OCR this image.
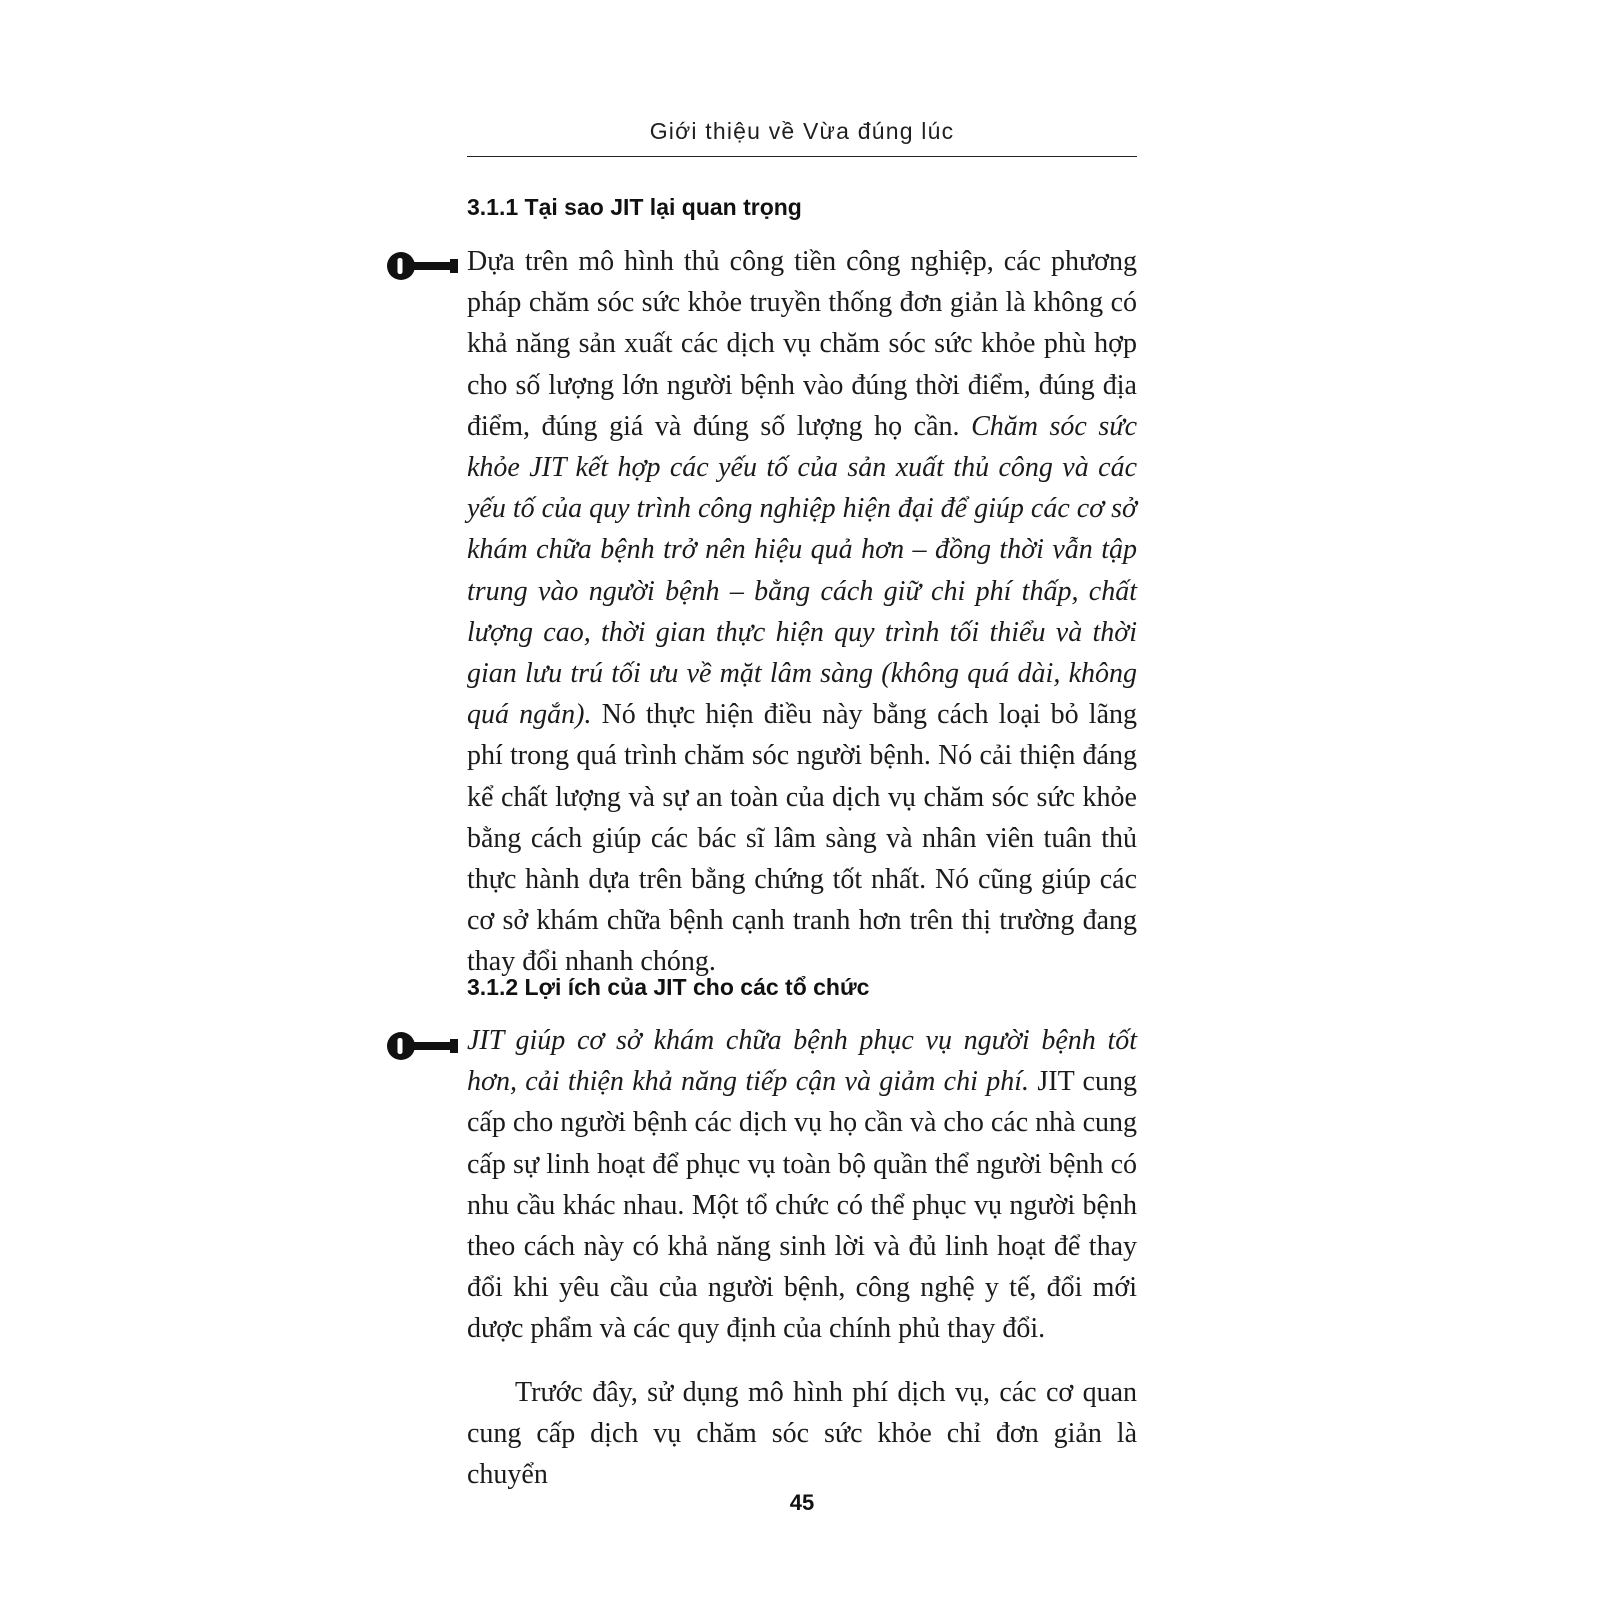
Giới thiệu về Vừa đúng lúc
3.1.1 Tại sao JIT lại quan trọng

Dựa trên mô hình thủ công tiền công nghiệp, các phương pháp chăm sóc sức khỏe truyền thống đơn giản là không có khả năng sản xuất các dịch vụ chăm sóc sức khỏe phù hợp cho số lượng lớn người bệnh vào đúng thời điểm, đúng địa điểm, đúng giá và đúng số lượng họ cần. Chăm sóc sức khỏe JIT kết hợp các yếu tố của sản xuất thủ công và các yếu tố của quy trình công nghiệp hiện đại để giúp các cơ sở khám chữa bệnh trở nên hiệu quả hơn – đồng thời vẫn tập trung vào người bệnh – bằng cách giữ chi phí thấp, chất lượng cao, thời gian thực hiện quy trình tối thiểu và thời gian lưu trú tối ưu về mặt lâm sàng (không quá dài, không quá ngắn). Nó thực hiện điều này bằng cách loại bỏ lãng phí trong quá trình chăm sóc người bệnh. Nó cải thiện đáng kể chất lượng và sự an toàn của dịch vụ chăm sóc sức khỏe bằng cách giúp các bác sĩ lâm sàng và nhân viên tuân thủ thực hành dựa trên bằng chứng tốt nhất. Nó cũng giúp các cơ sở khám chữa bệnh cạnh tranh hơn trên thị trường đang thay đổi nhanh chóng.

3.1.2 Lợi ích của JIT cho các tổ chức

JIT giúp cơ sở khám chữa bệnh phục vụ người bệnh tốt hơn, cải thiện khả năng tiếp cận và giảm chi phí. JIT cung cấp cho người bệnh các dịch vụ họ cần và cho các nhà cung cấp sự linh hoạt để phục vụ toàn bộ quần thể người bệnh có nhu cầu khác nhau. Một tổ chức có thể phục vụ người bệnh theo cách này có khả năng sinh lời và đủ linh hoạt để thay đổi khi yêu cầu của người bệnh, công nghệ y tế, đổi mới dược phẩm và các quy định của chính phủ thay đổi.

Trước đây, sử dụng mô hình phí dịch vụ, các cơ quan cung cấp dịch vụ chăm sóc sức khỏe chỉ đơn giản là chuyển

45
